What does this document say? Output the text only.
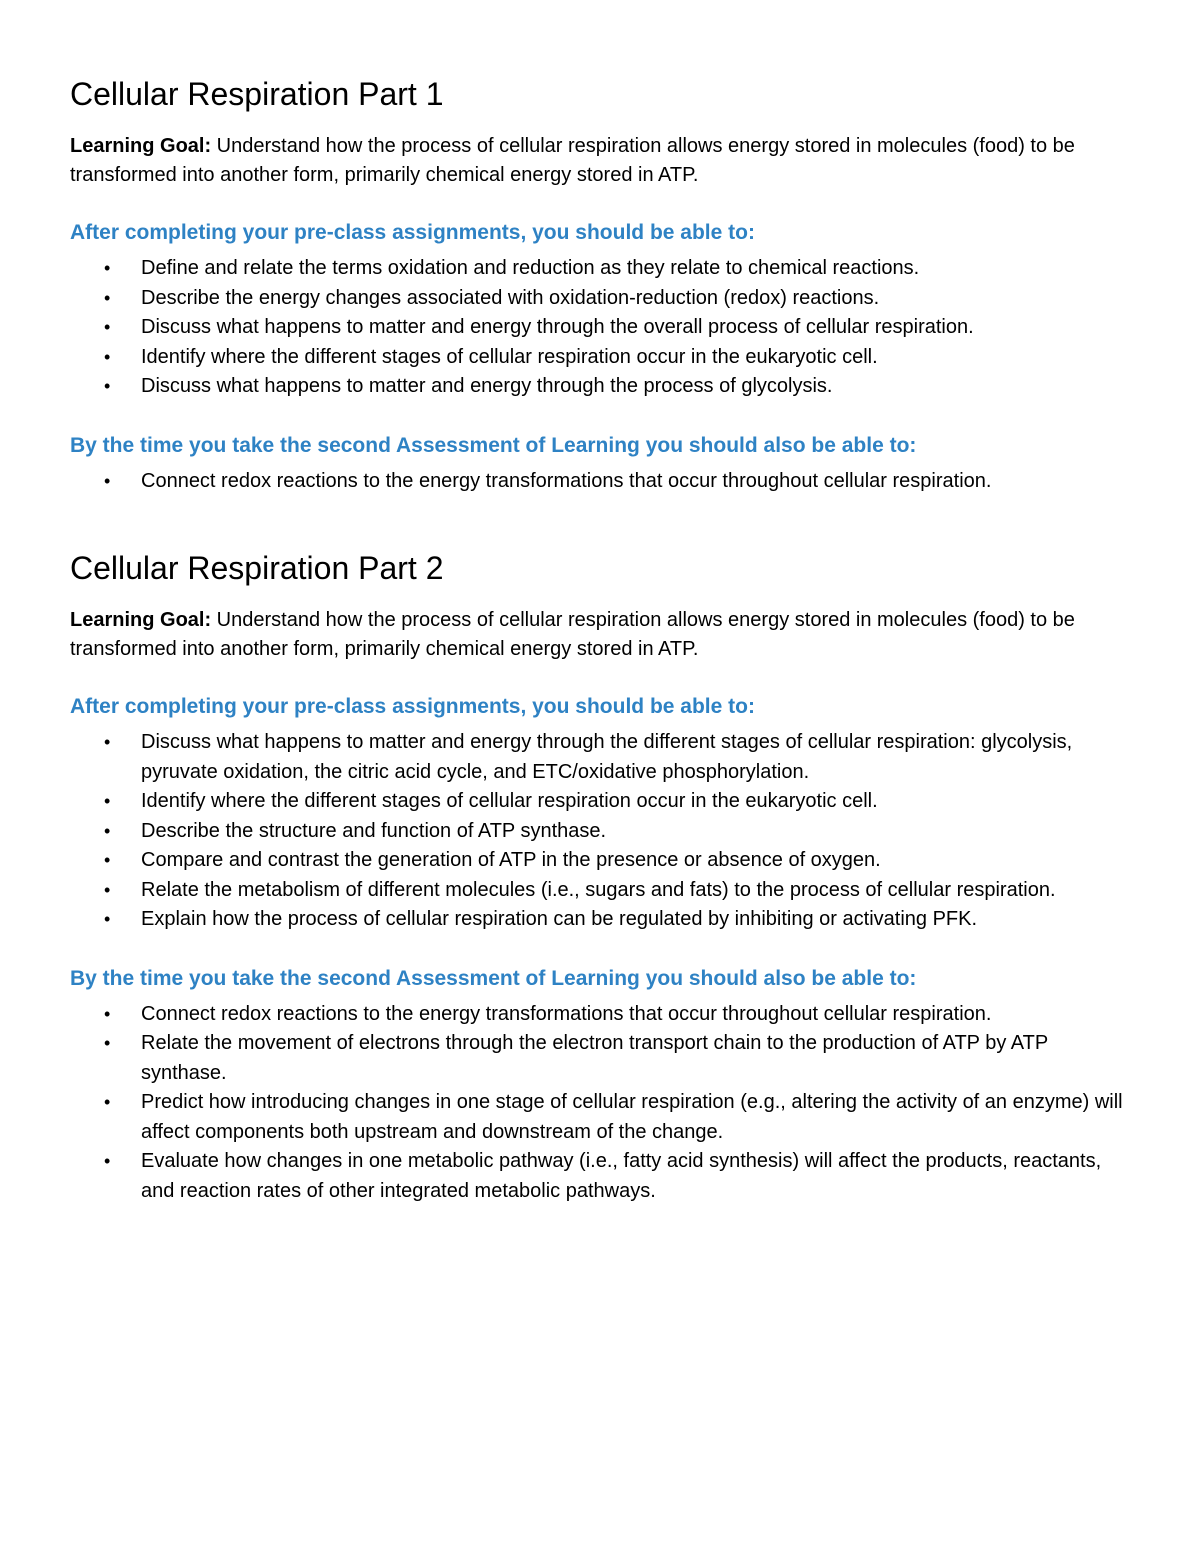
Cellular Respiration Part 1

Learning Goal: Understand how the process of cellular respiration allows energy stored in molecules (food) to be transformed into another form, primarily chemical energy stored in ATP.

After completing your pre-class assignments, you should be able to:
• Define and relate the terms oxidation and reduction as they relate to chemical reactions.
• Describe the energy changes associated with oxidation-reduction (redox) reactions.
• Discuss what happens to matter and energy through the overall process of cellular respiration.
• Identify where the different stages of cellular respiration occur in the eukaryotic cell.
• Discuss what happens to matter and energy through the process of glycolysis.
By the time you take the second Assessment of Learning you should also be able to:
• Connect redox reactions to the energy transformations that occur throughout cellular respiration.
Cellular Respiration Part 2

Learning Goal: Understand how the process of cellular respiration allows energy stored in molecules (food) to be transformed into another form, primarily chemical energy stored in ATP.

After completing your pre-class assignments, you should be able to:
• Discuss what happens to matter and energy through the different stages of cellular respiration: glycolysis, pyruvate oxidation, the citric acid cycle, and ETC/oxidative phosphorylation.
• Identify where the different stages of cellular respiration occur in the eukaryotic cell.
• Describe the structure and function of ATP synthase.
• Compare and contrast the generation of ATP in the presence or absence of oxygen.
• Relate the metabolism of different molecules (i.e., sugars and fats) to the process of cellular respiration.
• Explain how the process of cellular respiration can be regulated by inhibiting or activating PFK.
By the time you take the second Assessment of Learning you should also be able to:
• Connect redox reactions to the energy transformations that occur throughout cellular respiration.
• Relate the movement of electrons through the electron transport chain to the production of ATP by ATP synthase.
• Predict how introducing changes in one stage of cellular respiration (e.g., altering the activity of an enzyme) will affect components both upstream and downstream of the change.
• Evaluate how changes in one metabolic pathway (i.e., fatty acid synthesis) will affect the products, reactants, and reaction rates of other integrated metabolic pathways.
